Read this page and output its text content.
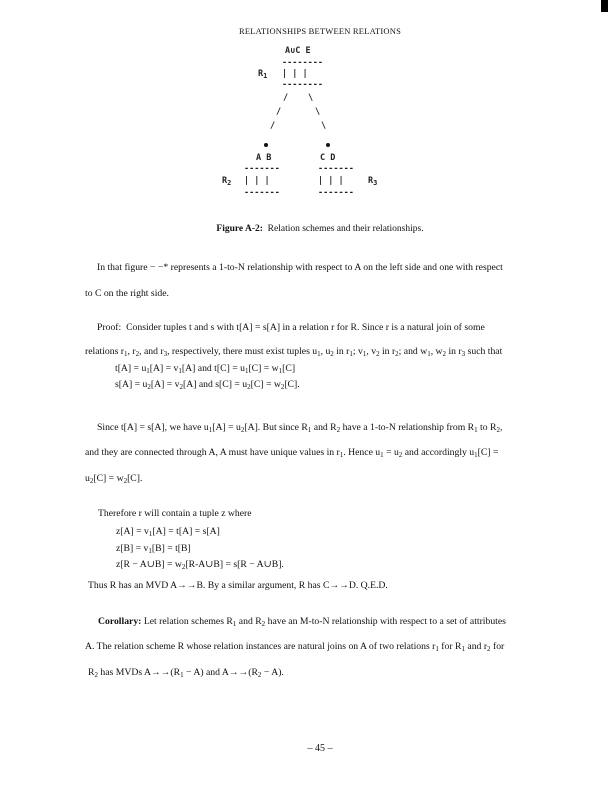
RELATIONSHIPS BETWEEN RELATIONS
A∪C E
--------
$R_1$ | | |
--------
/ \
/	\
/	\
A B	C D
-------	-------
$R_2$ | | |	| | |	$R_3$
-------	-------
Figure A-2: Relation schemes and their relationships.
In that figure − −* represents a 1-to-N relationship with respect to A on the left side and one with respect
to C on the right side.
Proof: Consider tuples t and s with t[A] = s[A] in a relation r for R. Since r is a natural join of some
relations $r_1$, $r_2$, and $r_3$, respectively, there must exist tuples $u_1$, $u_2$ in $r_1$; $v_1$, $v_2$ in $r_2$; and $w_1$, $w_2$ in $r_3$ such that
$t[A] = u_1[A] = v_1[A]$ and $t[C] = u_1[C] = w_1[C]$
$s[A] = u_2[A] = v_2[A]$ and $s[C] = u_2[C] = w_2[C]$.
Since t[A] = s[A], we have $u_1[A] = u_2[A]$. But since $R_1$ and $R_2$ have a 1-to-N relationship from $R_1$ to $R_2$,
and they are connected through A, A must have unique values in $r_1$. Hence $u_1 = u_2$ and accordingly $u_1[C]$ =
$u_2[C] = w_2[C]$.
Therefore r will contain a tuple z where
$z[A] = v_1[A] = t[A] = s[A]$
$z[B] = v_1[B] = t[B]$
z[R − A∪B] = $w_2[R-A\cup B] = s[R$ − A∪B].
Thus R has an MVD A→→B. By a similar argument, R has C→→D. Q.E.D.
Corollary: Let relation schemes $R_1$ and $R_2$ have an M-to-N relationship with respect to a set of attributes
A. The relation scheme R whose relation instances are natural joins on A of two relations $r_1$ for $R_1$ and $r_2$ for
$R_2$ has MVDs $A\to\to(R_1 - A)$ and $A\to\to(R_2 - A)$.
– 45 –
